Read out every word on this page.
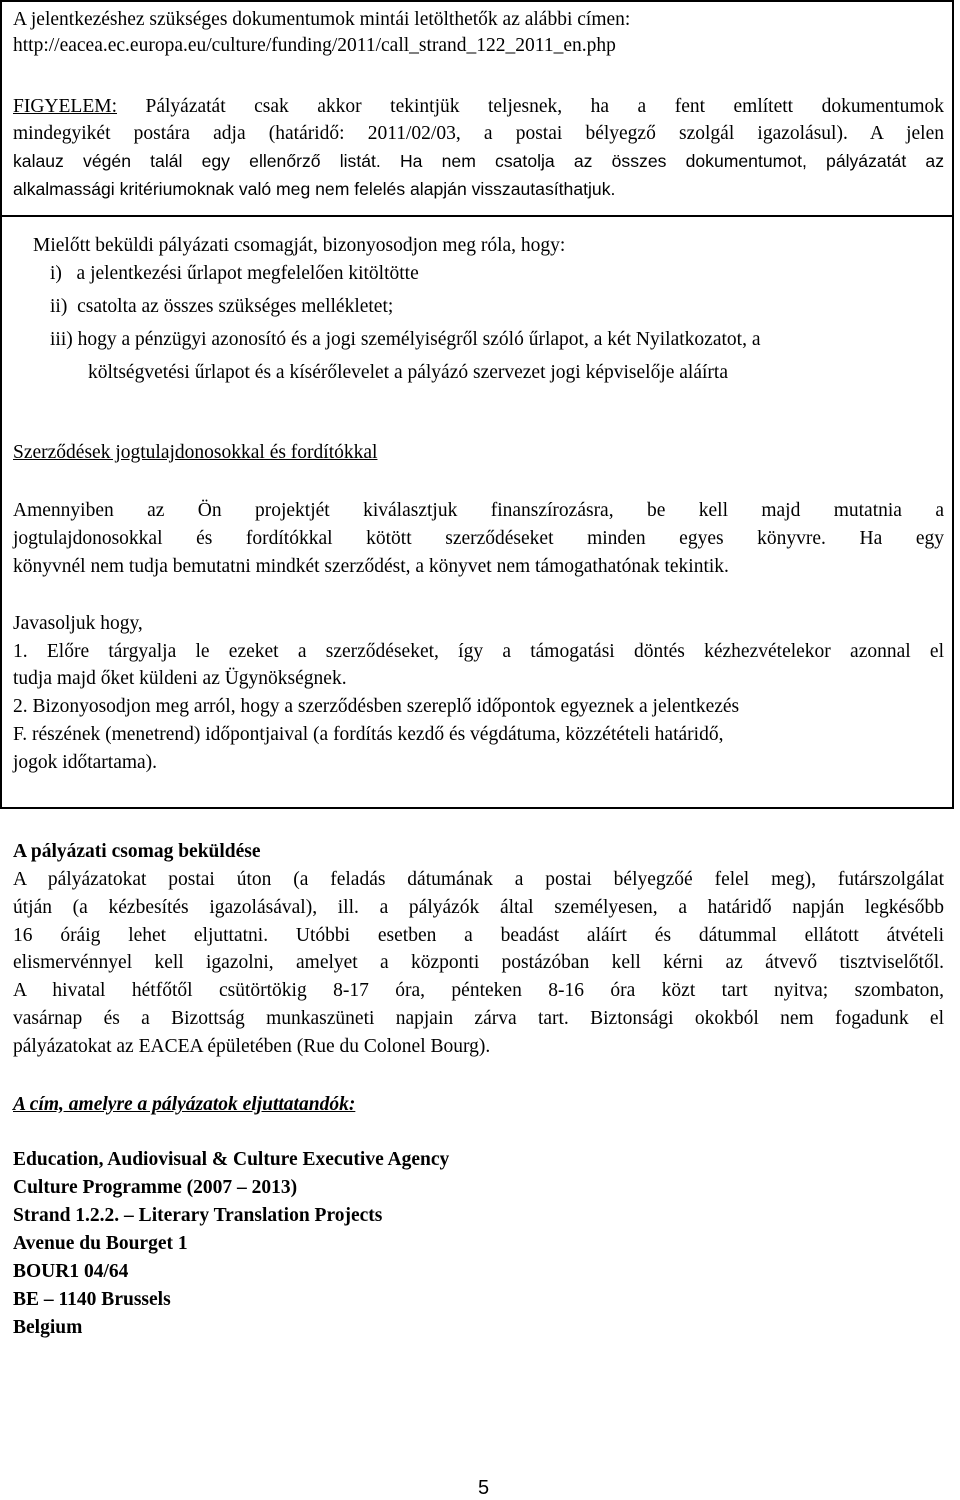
A jelentkezéshez szükséges dokumentumok mintái letölthetők az alábbi címen:
http://eacea.ec.europa.eu/culture/funding/2011/call_strand_122_2011_en.php
FIGYELEM: Pályázatát csak akkor tekintjük teljesnek, ha a fent említett dokumentumok
mindegyikét postára adja (határidő: 2011/02/03, a postai bélyegző szolgál igazolásul). A jelen
kalauz végén talál egy ellenőrző listát. Ha nem csatolja az összes dokumentumot, pályázatát az
alkalmassági kritériumoknak való meg nem felelés alapján visszautasíthatjuk.
Mielőtt beküldi pályázati csomagját, bizonyosodjon meg róla, hogy:
i)   a jelentkezési űrlapot megfelelően kitöltötte
ii)  csatolta az összes szükséges mellékletet;
iii) hogy a pénzügyi azonosító és a jogi személyiségről szóló űrlapot, a két Nyilatkozatot, a
költségvetési űrlapot és a kísérőlevelet a pályázó szervezet jogi képviselője aláírta
Szerződések jogtulajdonosokkal és fordítókkal
Amennyiben az Ön projektjét kiválasztjuk finanszírozásra, be kell majd mutatnia a
jogtulajdonosokkal és fordítókkal kötött szerződéseket minden egyes könyvre. Ha egy
könyvnél nem tudja bemutatni mindkét szerződést, a könyvet nem támogathatónak tekintik.
Javasoljuk hogy,
1. Előre tárgyalja le ezeket a szerződéseket, így a támogatási döntés kézhezvételekor azonnal el
tudja majd őket küldeni az Ügynökségnek.
2. Bizonyosodjon meg arról, hogy a szerződésben szereplő időpontok egyeznek a jelentkezés
F. részének (menetrend) időpontjaival (a fordítás kezdő és végdátuma, közzétételi határidő,
jogok időtartama).
A pályázati csomag beküldése
A pályázatokat postai úton (a feladás dátumának a postai bélyegzőé felel meg), futárszolgálat
útján (a kézbesítés igazolásával), ill. a pályázók által személyesen, a határidő napján legkésőbb
16 óráig lehet eljuttatni. Utóbbi esetben a beadást aláírt és dátummal ellátott átvételi
elismervénnyel kell igazolni, amelyet a központi postázóban kell kérni az átvevő tisztviselőtől.
A hivatal hétfőtől csütörtökig 8-17 óra, pénteken 8-16 óra közt tart nyitva; szombaton,
vasárnap és a Bizottság munkaszüneti napjain zárva tart. Biztonsági okokból nem fogadunk el
pályázatokat az EACEA épületében (Rue du Colonel Bourg).
A cím, amelyre a pályázatok eljuttatandók:
Education, Audiovisual & Culture Executive Agency
Culture Programme (2007 – 2013)
Strand 1.2.2. – Literary Translation Projects
Avenue du Bourget 1
BOUR1 04/64
BE – 1140 Brussels
Belgium
5
